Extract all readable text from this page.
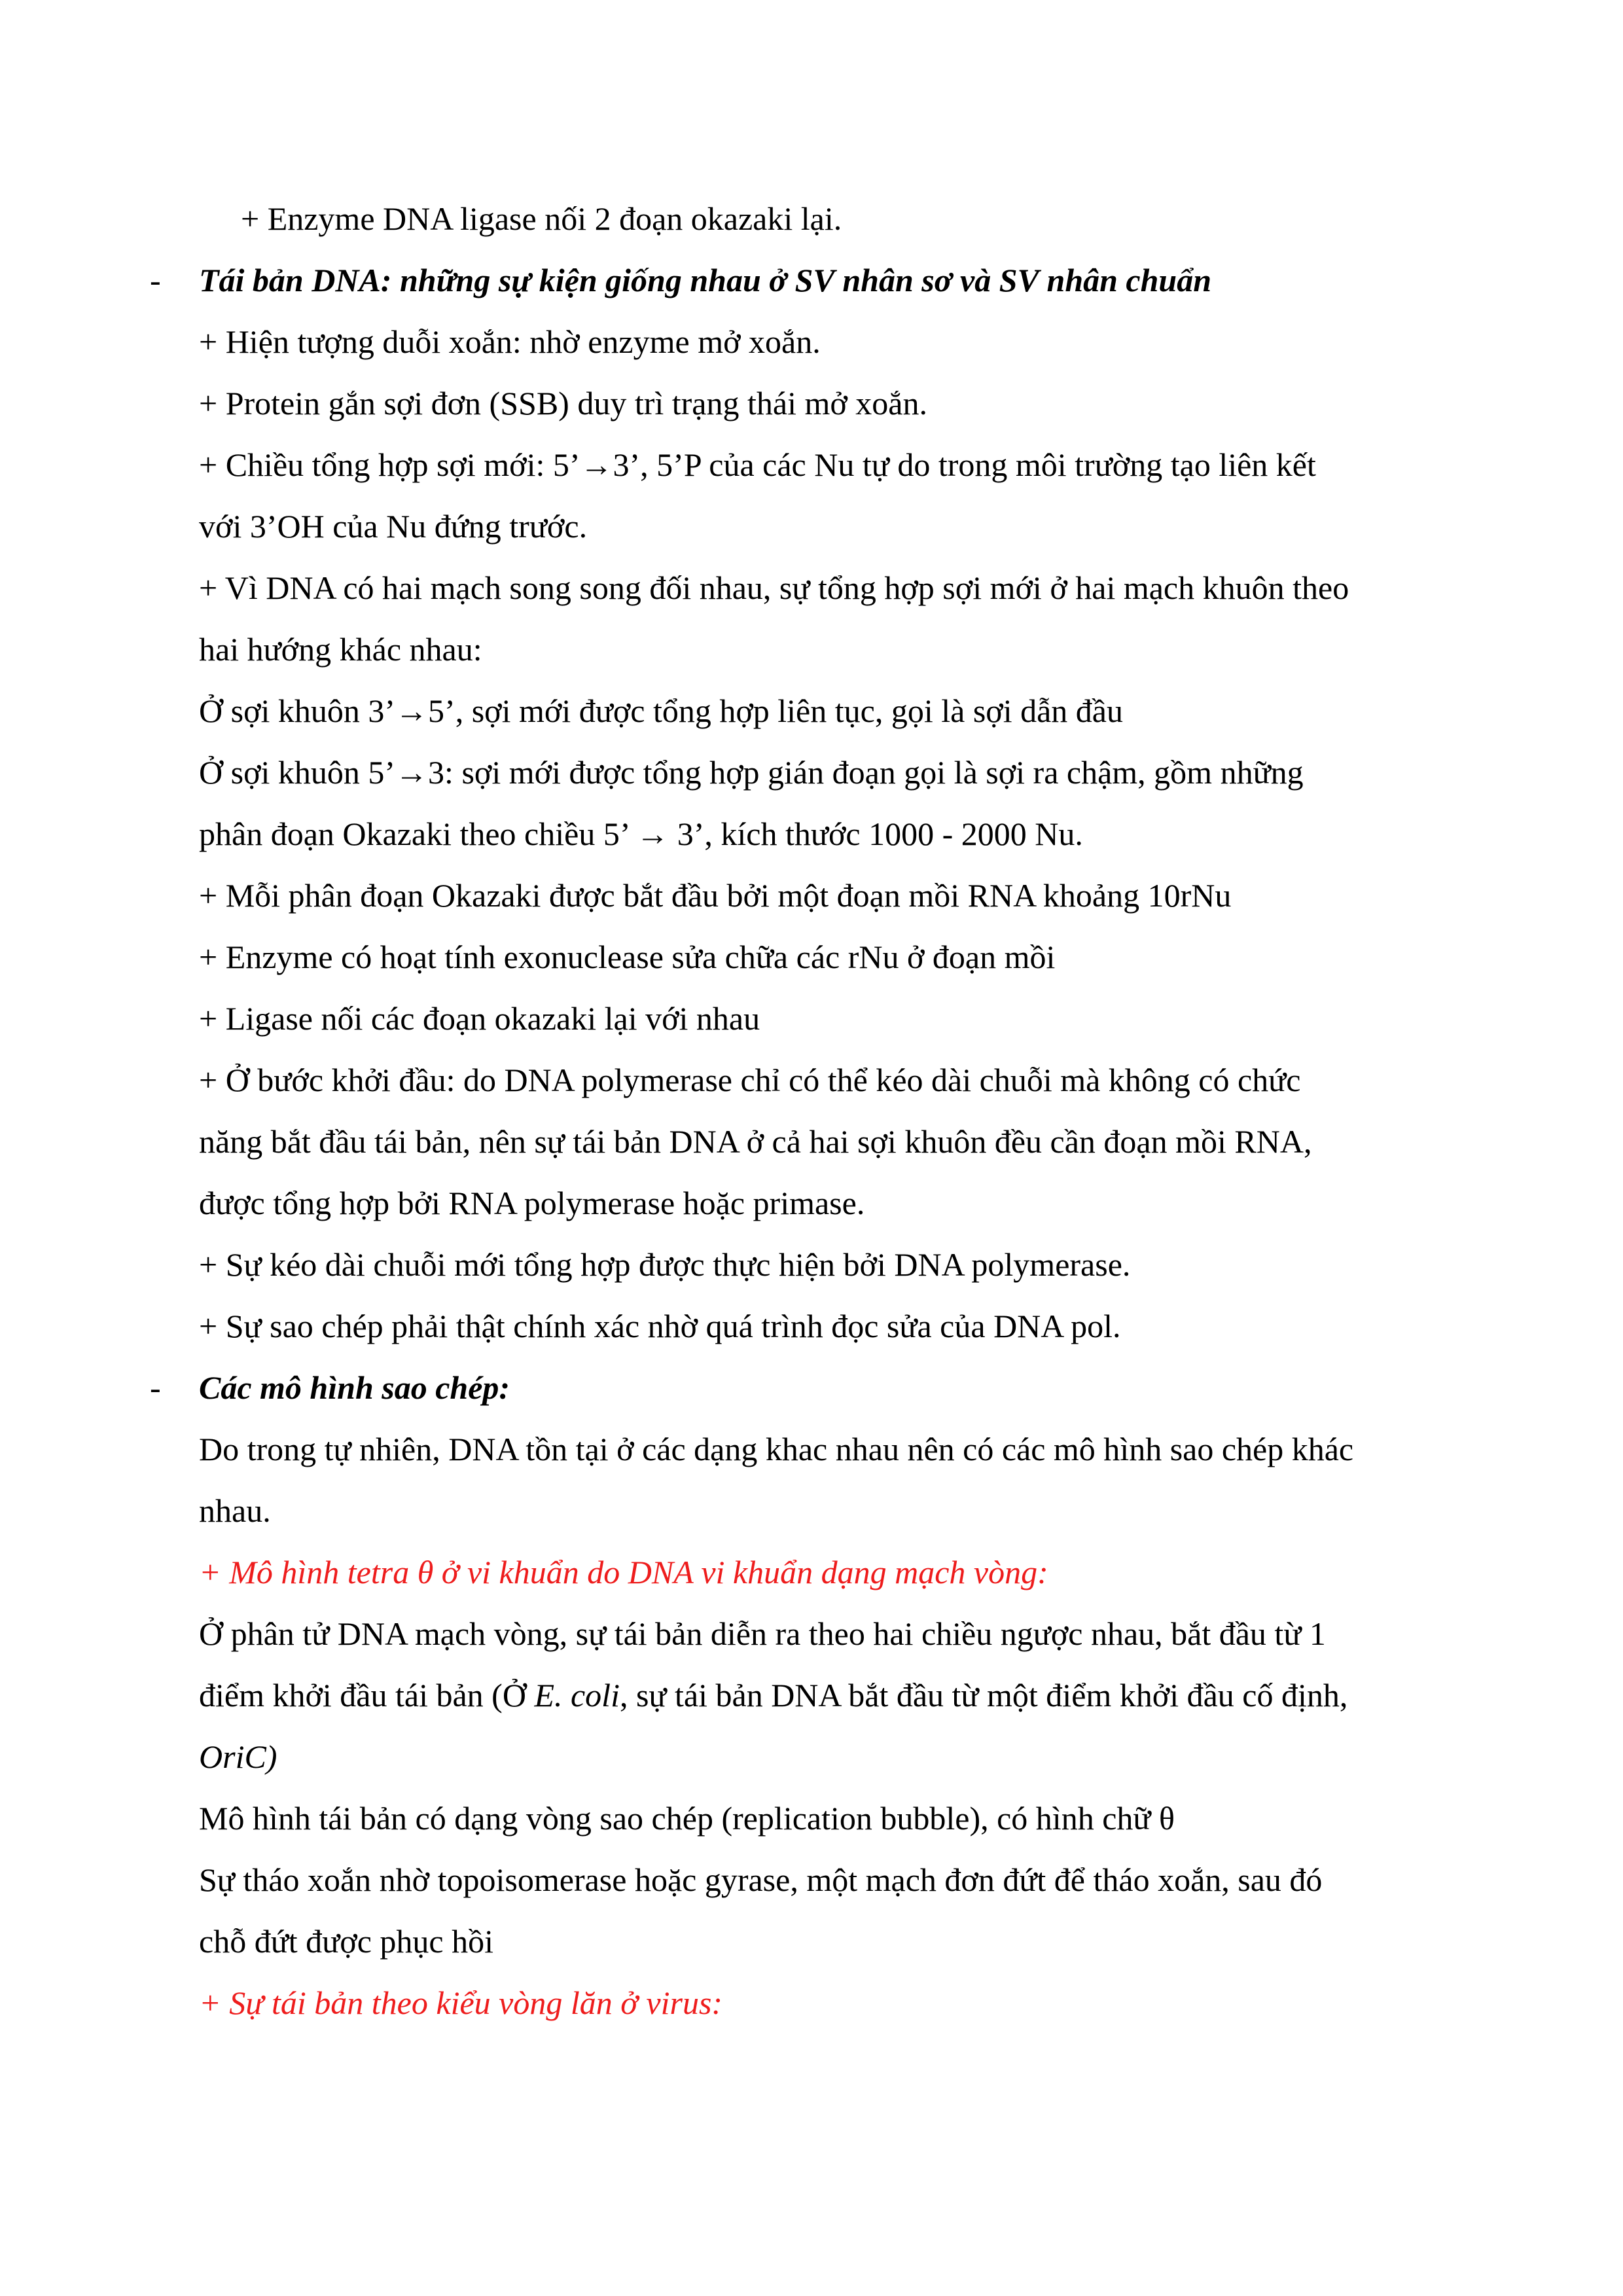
+ Enzyme DNA ligase nối 2 đoạn okazaki lại.
- Tái bản DNA: những sự kiện giống nhau ở SV nhân sơ và SV nhân chuẩn
+ Hiện tượng duỗi xoắn: nhờ enzyme mở xoắn.
+ Protein gắn sợi đơn (SSB) duy trì trạng thái mở xoắn.
+ Chiều tổng hợp sợi mới: 5’→3’, 5’P của các Nu tự do trong môi trường tạo liên kết
với 3’OH của Nu đứng trước.
+ Vì DNA có hai mạch song song đối nhau, sự tổng hợp sợi mới ở hai mạch khuôn theo
hai hướng khác nhau:
Ở sợi khuôn 3’→5’, sợi mới được tổng hợp liên tục, gọi là sợi dẫn đầu
Ở sợi khuôn 5’→3: sợi mới được tổng hợp gián đoạn gọi là sợi ra chậm, gồm những
phân đoạn Okazaki theo chiều 5’ → 3’, kích thước 1000 - 2000 Nu.
+ Mỗi phân đoạn Okazaki được bắt đầu bởi một đoạn mồi RNA khoảng 10rNu
+ Enzyme có hoạt tính exonuclease sửa chữa các rNu ở đoạn mồi
+ Ligase nối các đoạn okazaki lại với nhau
+ Ở bước khởi đầu: do DNA polymerase chỉ có thể kéo dài chuỗi mà không có chức
năng bắt đầu tái bản, nên sự tái bản DNA ở cả hai sợi khuôn đều cần đoạn mồi RNA,
được tổng hợp bởi RNA polymerase hoặc primase.
+ Sự kéo dài chuỗi mới tổng hợp được thực hiện bởi DNA polymerase.
+ Sự sao chép phải thật chính xác nhờ quá trình đọc sửa của DNA pol.
- Các mô hình sao chép:
Do trong tự nhiên, DNA tồn tại ở các dạng khac nhau nên có các mô hình sao chép khác
nhau.
+ Mô hình tetra θ ở vi khuẩn do DNA vi khuẩn dạng mạch vòng:
Ở phân tử DNA mạch vòng, sự tái bản diễn ra theo hai chiều ngược nhau, bắt đầu từ 1
điểm khởi đầu tái bản (Ở E. coli, sự tái bản DNA bắt đầu từ một điểm khởi đầu cố định,
OriC)
Mô hình tái bản có dạng vòng sao chép (replication bubble), có hình chữ θ
Sự tháo xoắn nhờ topoisomerase hoặc gyrase, một mạch đơn đứt để tháo xoắn, sau đó
chỗ đứt được phục hồi
+ Sự tái bản theo kiểu vòng lăn ở virus:
